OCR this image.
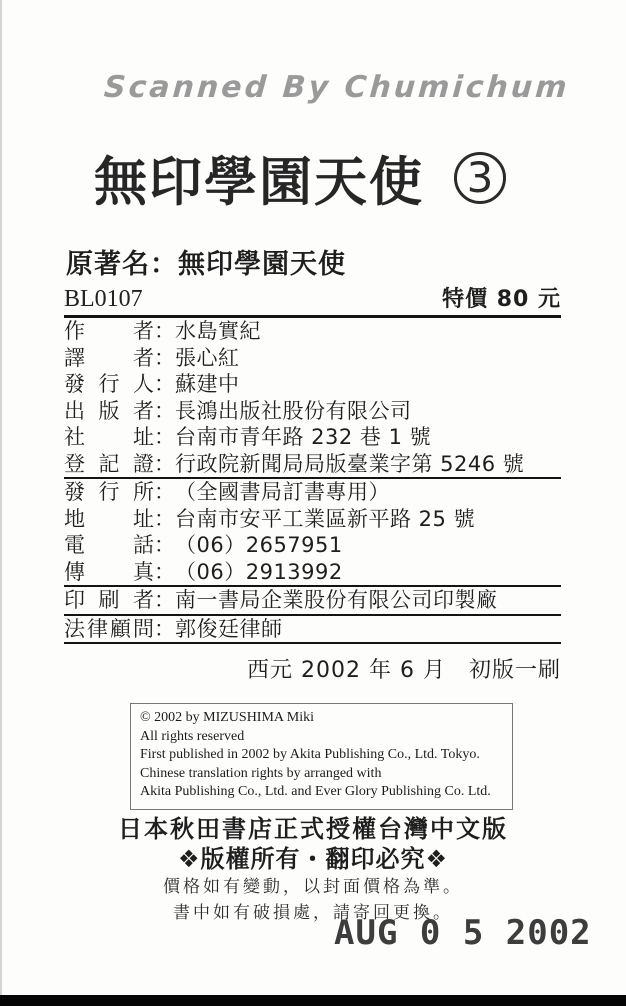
Scanned By Chumichum
無印學園天使 3
原著名：無印學園天使
BL0107	特價 80 元
作者 ： 水島實紀
譯者 ： 張心紅
發行人 ： 蘇建中
出版者 ： 長鴻出版社股份有限公司
社址 ： 台南市青年路 232 巷 1 號
登記證 ： 行政院新聞局局版臺業字第 5246 號
發行所 ： （全國書局訂書專用）
地址 ： 台南市安平工業區新平路 25 號
電話 ： （06）2657951
傳真 ： （06）2913992
印刷者 ： 南一書局企業股份有限公司印製廠
法律顧問 ： 郭俊廷律師
西元 2002 年 6 月　初版一刷
© 2002 by MIZUSHIMA Miki
All rights reserved
First published in 2002 by Akita Publishing Co., Ltd. Tokyo.
Chinese translation rights by arranged with
Akita Publishing Co., Ltd. and Ever Glory Publishing Co. Ltd.
日本秋田書店正式授權台灣中文版
❖版權所有・翻印必究❖
價格如有變動，以封面價格為準。
書中如有破損處，請寄回更換。
AUG 0 5 2002
